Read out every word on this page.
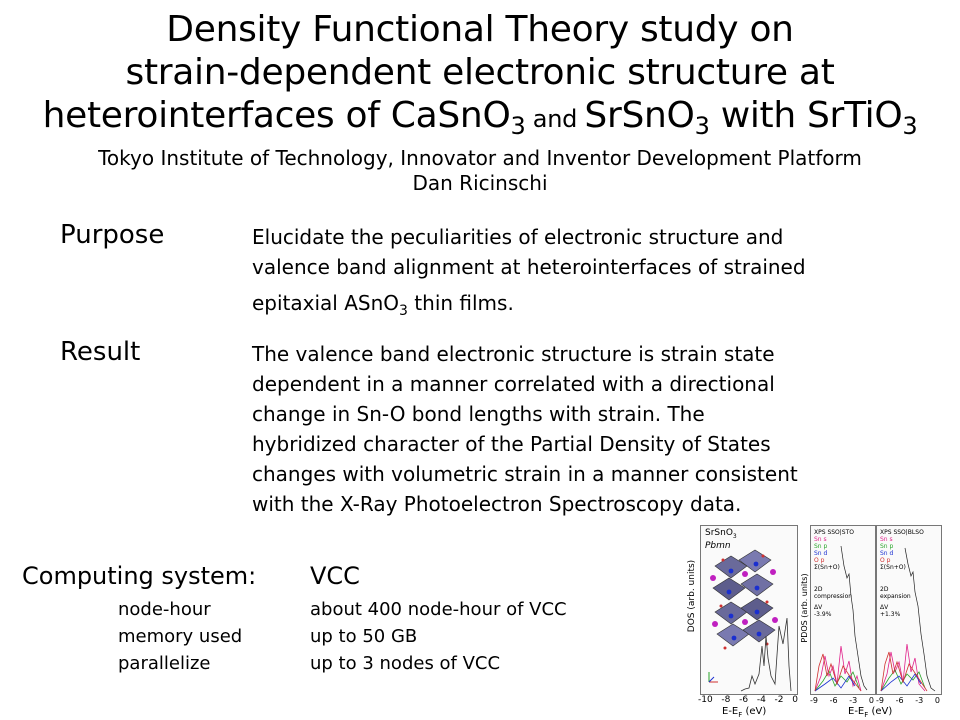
Density Functional Theory study on
strain-dependent electronic structure at
heterointerfaces of CaSnO$_3$ and SrSnO$_3$ with SrTiO$_3$
Tokyo Institute of Technology, Innovator and Inventor Development Platform
Dan Ricinschi
Purpose	Elucidate the peculiarities of electronic structure and
valence band alignment at heterointerfaces of strained
epitaxial ASnO$_3$ thin films.
Result	The valence band electronic structure is strain state
dependent in a manner correlated with a directional
change in Sn-O bond lengths with strain. The
hybridized character of the Partial Density of States
changes with volumetric strain in a manner consistent
with the X-Ray Photoelectron Spectroscopy data.
Computing system: VCC
node-hour	about 400 node-hour of VCC
memory used	up to 50 GB
parallelize	up to 3 nodes of VCC
SrSnO$_3$
Pbmn
DOS (arb. units)
-10 -8 -6 -4 -2 0
$E-E_F$ (eV)
XPS SSO|STO
Sn s
Sn p
Sn d
O p
Σ(Sn+O)
2D
compression
ΔV
-3.9%
XPS SSO|BLSO
Sn s
Sn p
Sn d
O p
Σ(Sn+O)
2D
expansion
ΔV
+1.3%
PDOS (arb. units)
-9 -6 -3 0 -9 -6 -3 0
$E-E_F$ (eV)
